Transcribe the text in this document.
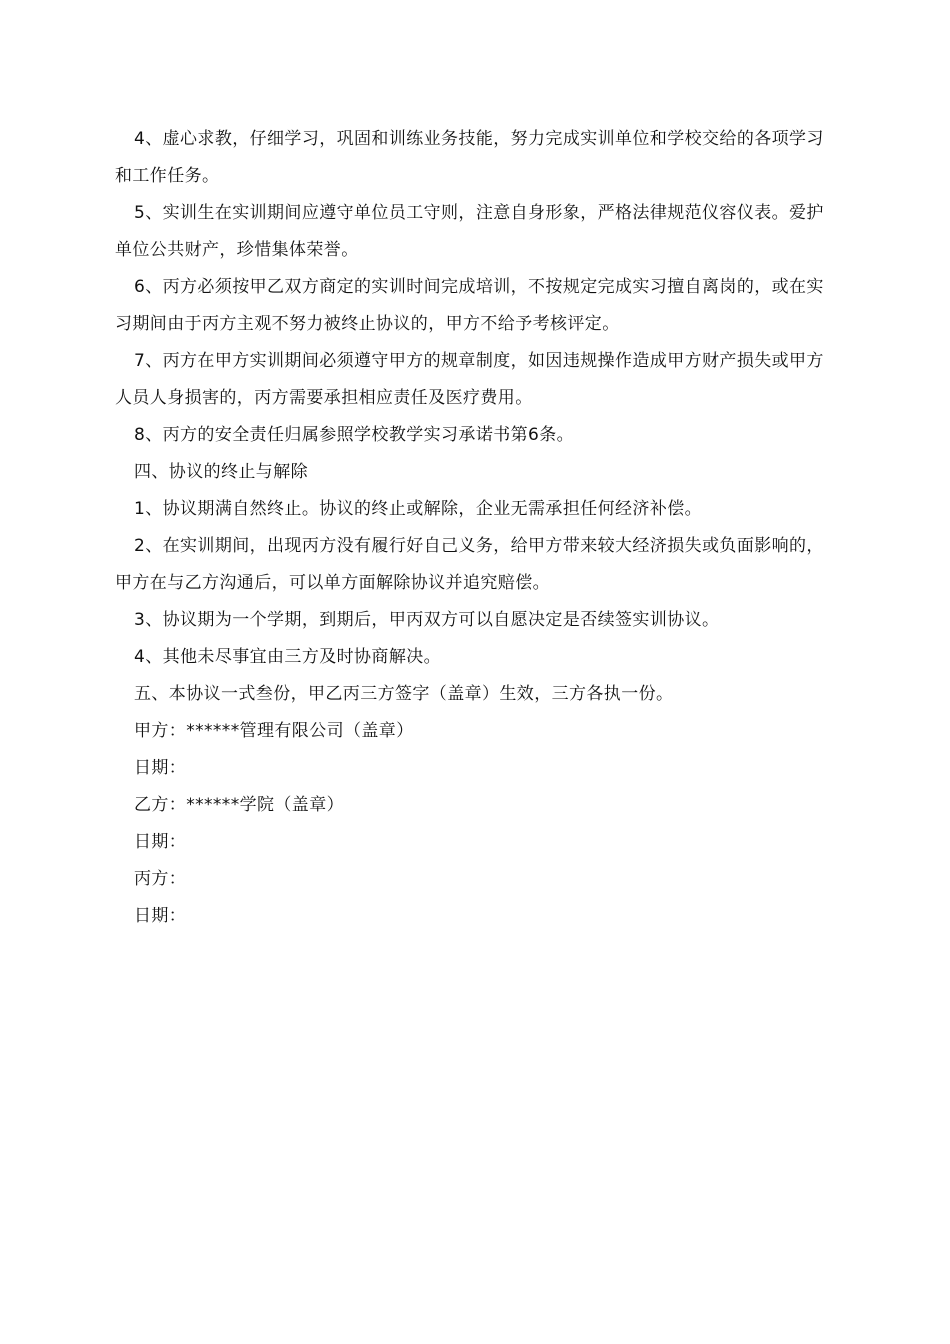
4、虚心求教，仔细学习，巩固和训练业务技能，努力完成实训单位和学校交给的各项学习和工作任务。

5、实训生在实训期间应遵守单位员工守则，注意自身形象，严格法律规范仪容仪表。爱护单位公共财产，珍惜集体荣誉。

6、丙方必须按甲乙双方商定的实训时间完成培训，不按规定完成实习擅自离岗的，或在实习期间由于丙方主观不努力被终止协议的，甲方不给予考核评定。

7、丙方在甲方实训期间必须遵守甲方的规章制度，如因违规操作造成甲方财产损失或甲方人员人身损害的，丙方需要承担相应责任及医疗费用。

8、丙方的安全责任归属参照学校教学实习承诺书第6条。

四、协议的终止与解除

1、协议期满自然终止。协议的终止或解除，企业无需承担任何经济补偿。

2、在实训期间，出现丙方没有履行好自己义务，给甲方带来较大经济损失或负面影响的，甲方在与乙方沟通后，可以单方面解除协议并追究赔偿。

3、协议期为一个学期，到期后，甲丙双方可以自愿决定是否续签实训协议。

4、其他未尽事宜由三方及时协商解决。

五、本协议一式叁份，甲乙丙三方签字（盖章）生效，三方各执一份。

甲方：******管理有限公司（盖章）

日期：

乙方：******学院（盖章）

日期：

丙方：

日期：
